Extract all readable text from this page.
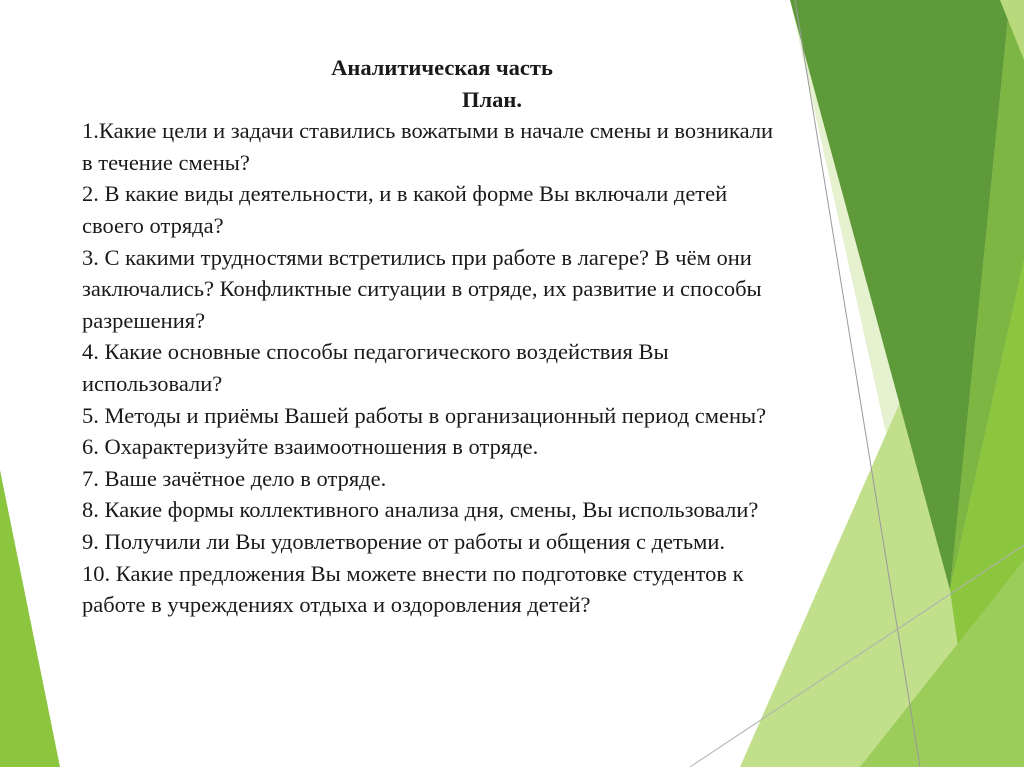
Аналитическая часть
План.

1.Какие цели и задачи ставились вожатыми в начале смены и возникали в течение смены?

2. В какие виды деятельности, и в какой форме Вы включали детей своего отряда?

3. С какими трудностями встретились при работе в лагере? В чём они заключались? Конфликтные ситуации в отряде, их развитие и способы разрешения?

4. Какие основные способы педагогического воздействия Вы использовали?

5. Методы и приёмы Вашей работы в организационный период смены?

6. Охарактеризуйте взаимоотношения в отряде.

7. Ваше зачётное дело в отряде.

8. Какие формы коллективного анализа дня, смены, Вы использовали?

9. Получили ли Вы удовлетворение от работы и общения с детьми.

10. Какие предложения Вы можете внести по подготовке студентов к работе в учреждениях отдыха и оздоровления детей?
